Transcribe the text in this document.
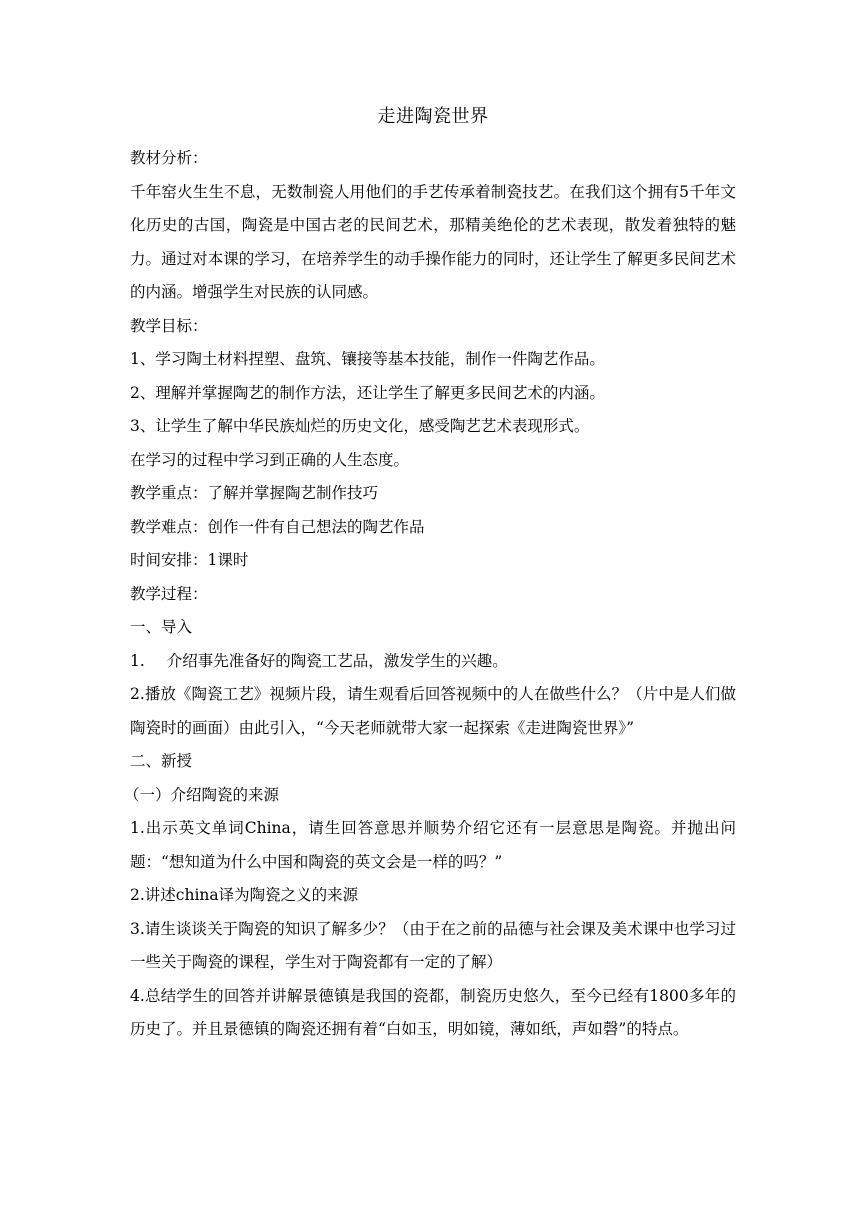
走进陶瓷世界

教材分析：

千年窑火生生不息，无数制瓷人用他们的手艺传承着制瓷技艺。在我们这个拥有5千年文化历史的古国，陶瓷是中国古老的民间艺术，那精美绝伦的艺术表现，散发着独特的魅力。通过对本课的学习，在培养学生的动手操作能力的同时，还让学生了解更多民间艺术的内涵。增强学生对民族的认同感。

教学目标：

1、学习陶土材料捏塑、盘筑、镶接等基本技能，制作一件陶艺作品。

2、理解并掌握陶艺的制作方法，还让学生了解更多民间艺术的内涵。

3、让学生了解中华民族灿烂的历史文化，感受陶艺艺术表现形式。

在学习的过程中学习到正确的人生态度。

教学重点：了解并掌握陶艺制作技巧

教学难点：创作一件有自己想法的陶艺作品

时间安排：1课时

教学过程：

一、导入

1. 介绍事先准备好的陶瓷工艺品，激发学生的兴趣。

2.播放《陶瓷工艺》视频片段，请生观看后回答视频中的人在做些什么？（片中是人们做陶瓷时的画面）由此引入，“今天老师就带大家一起探索《走进陶瓷世界》”

二、新授

（一）介绍陶瓷的来源

1.出示英文单词China，请生回答意思并顺势介绍它还有一层意思是陶瓷。并抛出问题：“想知道为什么中国和陶瓷的英文会是一样的吗？”

2.讲述china译为陶瓷之义的来源

3.请生谈谈关于陶瓷的知识了解多少？（由于在之前的品德与社会课及美术课中也学习过一些关于陶瓷的课程，学生对于陶瓷都有一定的了解）

4.总结学生的回答并讲解景德镇是我国的瓷都，制瓷历史悠久，至今已经有1800多年的历史了。并且景德镇的陶瓷还拥有着“白如玉，明如镜，薄如纸，声如磬”的特点。
